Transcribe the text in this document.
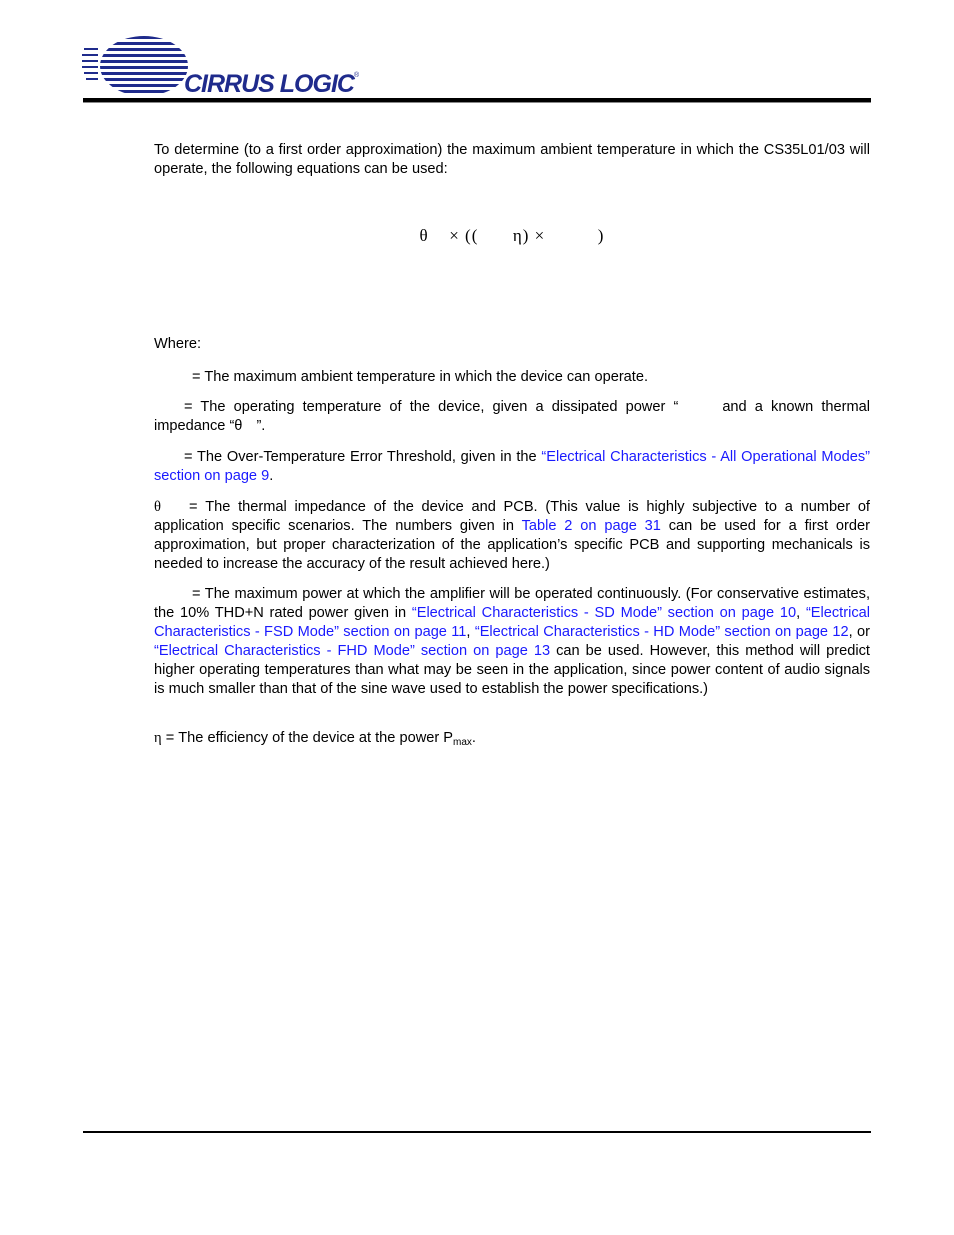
CIRRUS LOGIC®

To determine (to a first order approximation) the maximum ambient temperature in which the CS35L01/03 will operate, the following equations can be used:

θ × (( η) ×	)
Where:

= The maximum ambient temperature in which the device can operate.

= The operating temperature of the device, given a dissipated power “	and a known thermal impedance “θ ”.

= The Over-Temperature Error Threshold, given in the “Electrical Characteristics - All Operational Modes” section on page 9.

θ = The thermal impedance of the device and PCB. (This value is highly subjective to a number of application specific scenarios. The numbers given in Table 2 on page 31 can be used for a first order approximation, but proper characterization of the application’s specific PCB and supporting mechanicals is needed to increase the accuracy of the result achieved here.)

= The maximum power at which the amplifier will be operated continuously. (For conservative estimates, the 10% THD+N rated power given in “Electrical Characteristics - SD Mode” section on page 10, “Electrical Characteristics - FSD Mode” section on page 11, “Electrical Characteristics - HD Mode” section on page 12, or “Electrical Characteristics - FHD Mode” section on page 13 can be used. However, this method will predict higher operating temperatures than what may be seen in the application, since power content of audio signals is much smaller than that of the sine wave used to establish the power specifications.)

η = The efficiency of the device at the power $P_{max}$.
